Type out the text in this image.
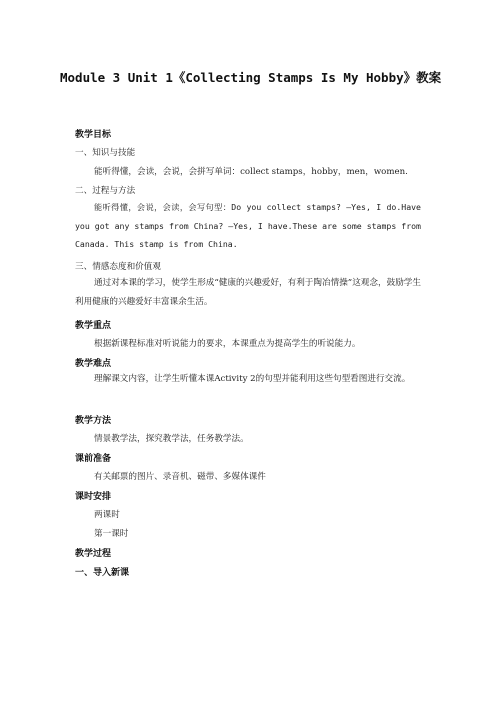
Module 3 Unit 1《Collecting Stamps Is My Hobby》教案
教学目标
一、知识与技能
能听得懂，会读，会说，会拼写单词：collect stamps，hobby，men，women.
二、过程与方法
能听得懂，会说，会读，会写句型：Do you collect stamps? –Yes, I do.Have you got any stamps from China? –Yes, I have.These are some stamps from Canada. This stamp is from China.
三、情感态度和价值观
通过对本课的学习，使学生形成“健康的兴趣爱好，有利于陶冶情操”这观念，鼓励学生利用健康的兴趣爱好丰富课余生活。
教学重点
根据新课程标准对听说能力的要求，本课重点为提高学生的听说能力。
教学难点
理解课文内容，让学生听懂本课Activity 2的句型并能利用这些句型看图进行交流。
教学方法
情景教学法，探究教学法，任务教学法。
课前准备
有关邮票的图片、录音机、磁带、多媒体课件
课时安排
两课时
第一课时
教学过程
一、导入新课
